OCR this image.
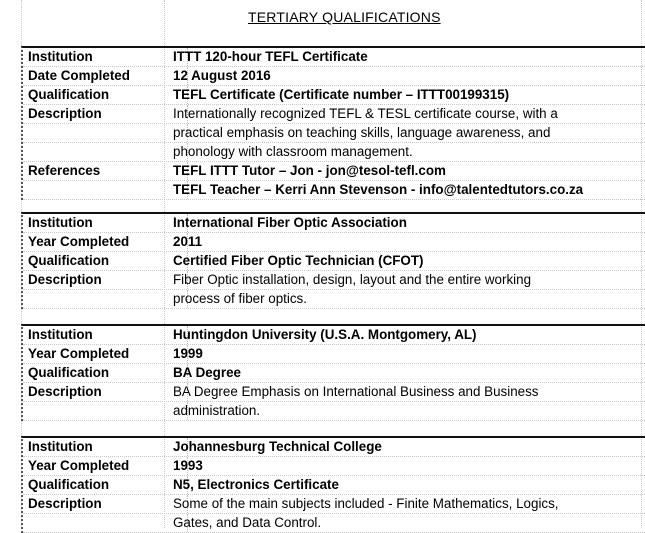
TERTIARY QUALIFICATIONS
Institution	ITTT 120-hour TEFL Certificate
Date Completed	12 August 2016
Qualification	TEFL Certificate (Certificate number – ITTT00199315)
Description	Internationally recognized TEFL & TESL certificate course, with a
practical emphasis on teaching skills, language awareness, and
phonology with classroom management.
References	TEFL ITTT Tutor – Jon - jon@tesol-tefl.com
TEFL Teacher – Kerri Ann Stevenson - info@talentedtutors.co.za
Institution	International Fiber Optic Association
Year Completed	2011
Qualification	Certified Fiber Optic Technician (CFOT)
Description	Fiber Optic installation, design, layout and the entire working
process of fiber optics.
Institution	Huntingdon University (U.S.A. Montgomery, AL)
Year Completed	1999
Qualification	BA Degree
Description	BA Degree Emphasis on International Business and Business
administration.
Institution	Johannesburg Technical College
Year Completed	1993
Qualification	N5, Electronics Certificate
Description	Some of the main subjects included - Finite Mathematics, Logics,
Gates, and Data Control.
